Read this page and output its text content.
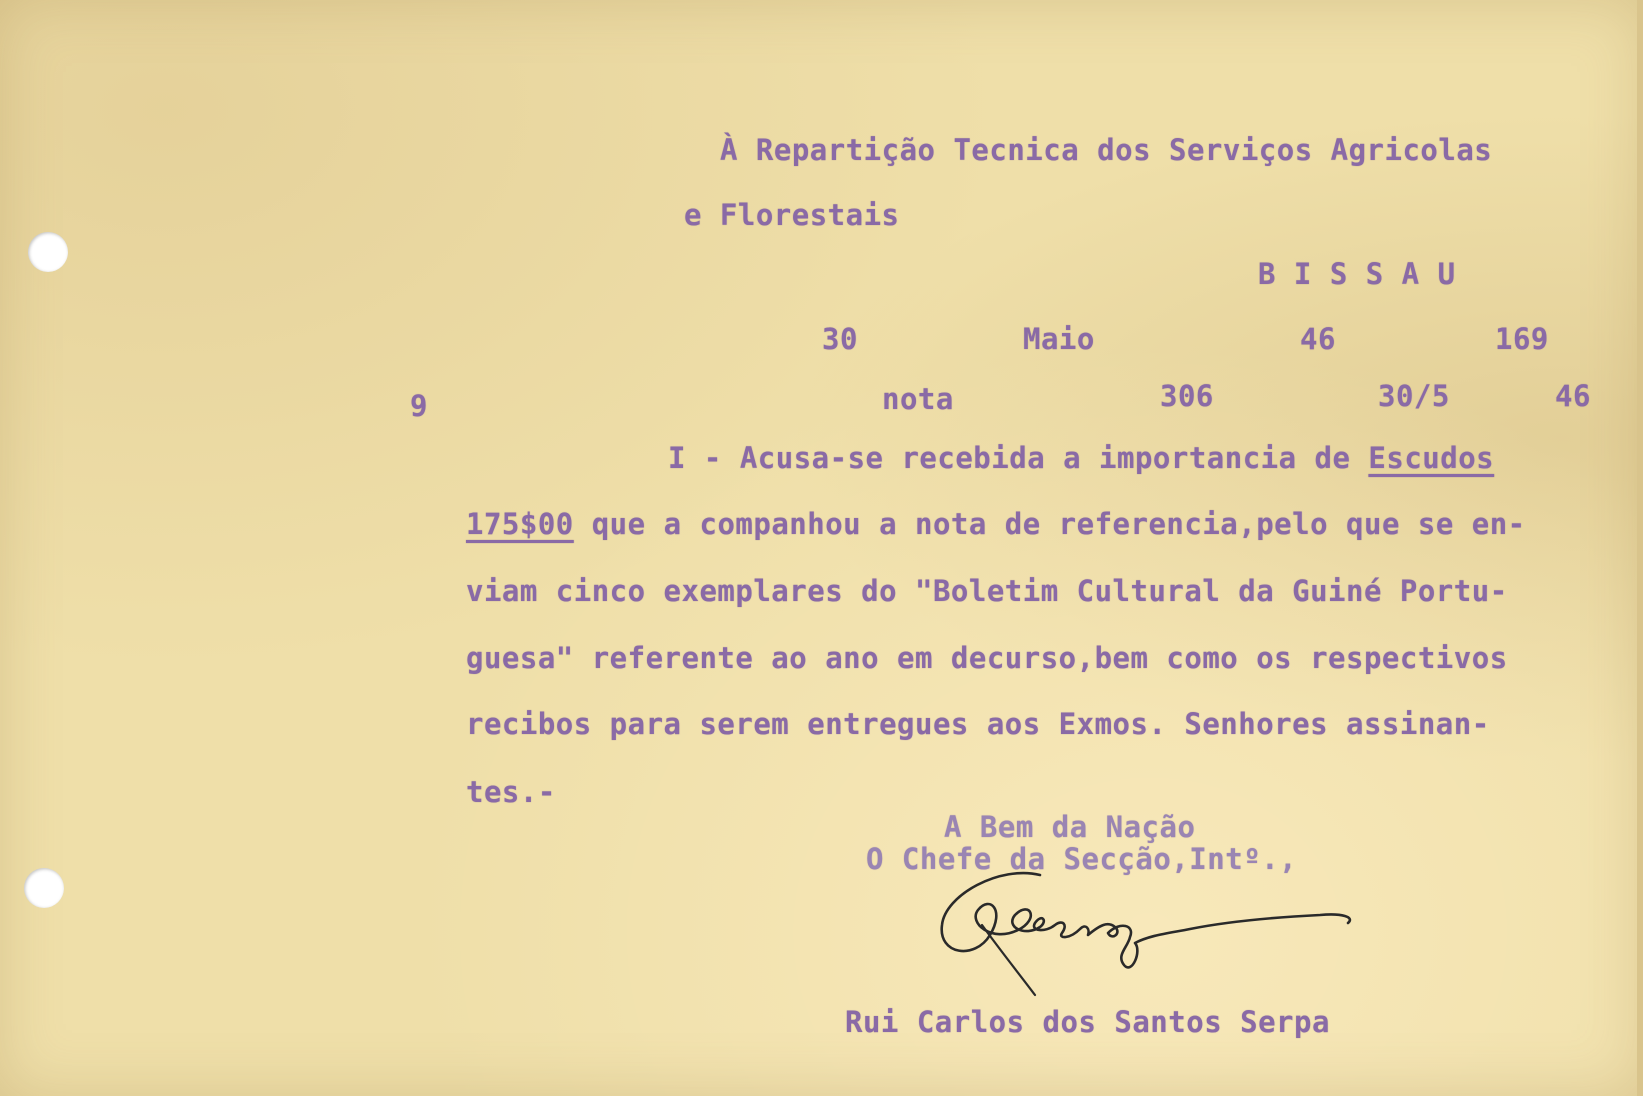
À Repartição Tecnica dos Serviços Agricolas
e Florestais
B I S S A U
30	Maio	46	169
9	nota	306	30/5	46
I - Acusa-se recebida a importancia de Escudos
175$00 que a companhou a nota de referencia,pelo que se en-
viam cinco exemplares do "Boletim Cultural da Guiné Portu-
guesa" referente ao ano em decurso,bem como os respectivos
recibos para serem entregues aos Exmos. Senhores assinan-
tes.-
A Bem da Nação
O Chefe da Secção,Intº.,
Rui Carlos dos Santos Serpa
